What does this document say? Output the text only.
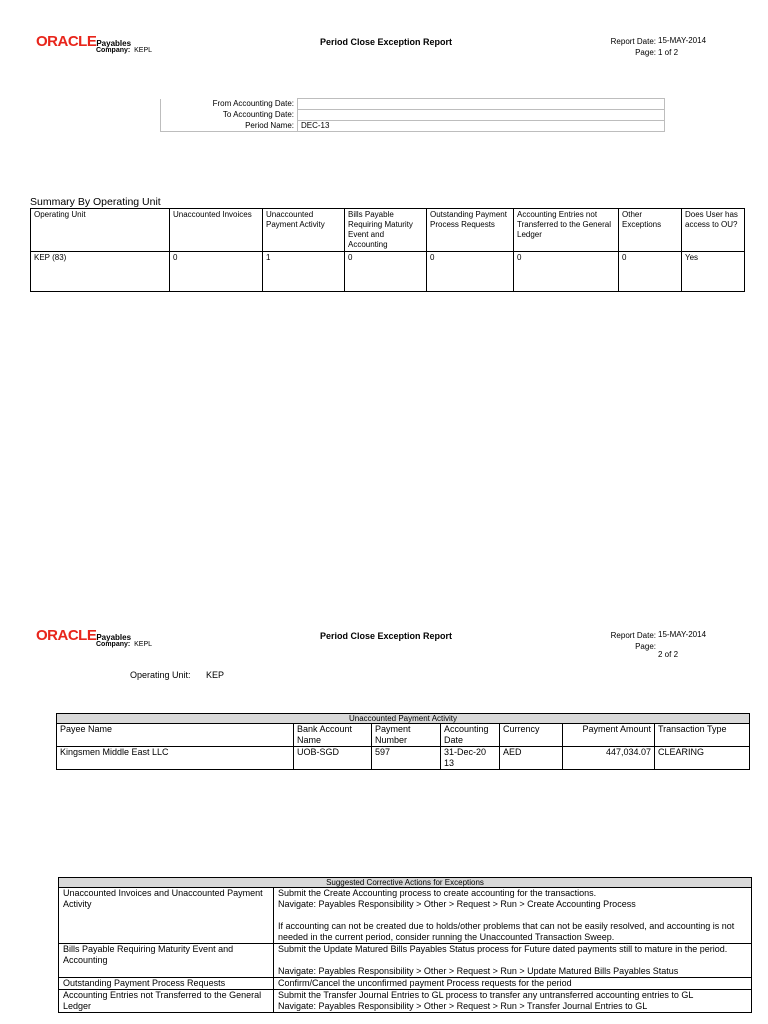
ORACLEPayables
Company: KEPL
Period Close Exception Report	Report Date: 15-MAY-2014
Page: 1 of 2
From Accounting Date:	
To Accounting Date:	
Period Name:	DEC-13
Summary By Operating Unit
Operating Unit	Unaccounted Invoices	Unaccounted Payment Activity	Bills Payable Requiring Maturity Event and Accounting	Outstanding Payment Process Requests	Accounting Entries not Transferred to the General Ledger	Other Exceptions	Does User has access to OU?
KEP (83)	0	1	0	0	0	0	Yes
ORACLEPayables
Company: KEPL
Period Close Exception Report	Report Date: 15-MAY-2014
Page:
2 of 2
Operating Unit: KEP
Unaccounted Payment Activity						
Payee Name	Bank Account Name	Payment Number	Accounting Date	Currency	Payment Amount	Transaction Type
Kingsmen Middle East LLC	UOB-SGD	597	31-Dec-20 13	AED	447,034.07	CLEARING
Suggested Corrective Actions for Exceptions	
Unaccounted Invoices and Unaccounted Payment Activity	Submit the Create Accounting process to create accounting for the transactions.
Navigate: Payables Responsibility > Other > Request > Run > Create Accounting Process
If accounting can not be created due to holds/other problems that can not be easily resolved, and accounting is not needed in the current period, consider running the Unaccounted Transaction Sweep.

Bills Payable Requiring Maturity Event and Accounting	Submit the Update Matured Bills Payables Status process for Future dated payments still to mature in the period.
Navigate: Payables Responsibility > Other > Request > Run > Update Matured Bills Payables Status

Outstanding Payment Process Requests	Confirm/Cancel the unconfirmed payment Process requests for the period

Accounting Entries not Transferred to the General Ledger	Submit the Transfer Journal Entries to GL process to transfer any untransferred accounting entries to GL
Navigate: Payables Responsibility > Other > Request > Run > Transfer Journal Entries to GL
